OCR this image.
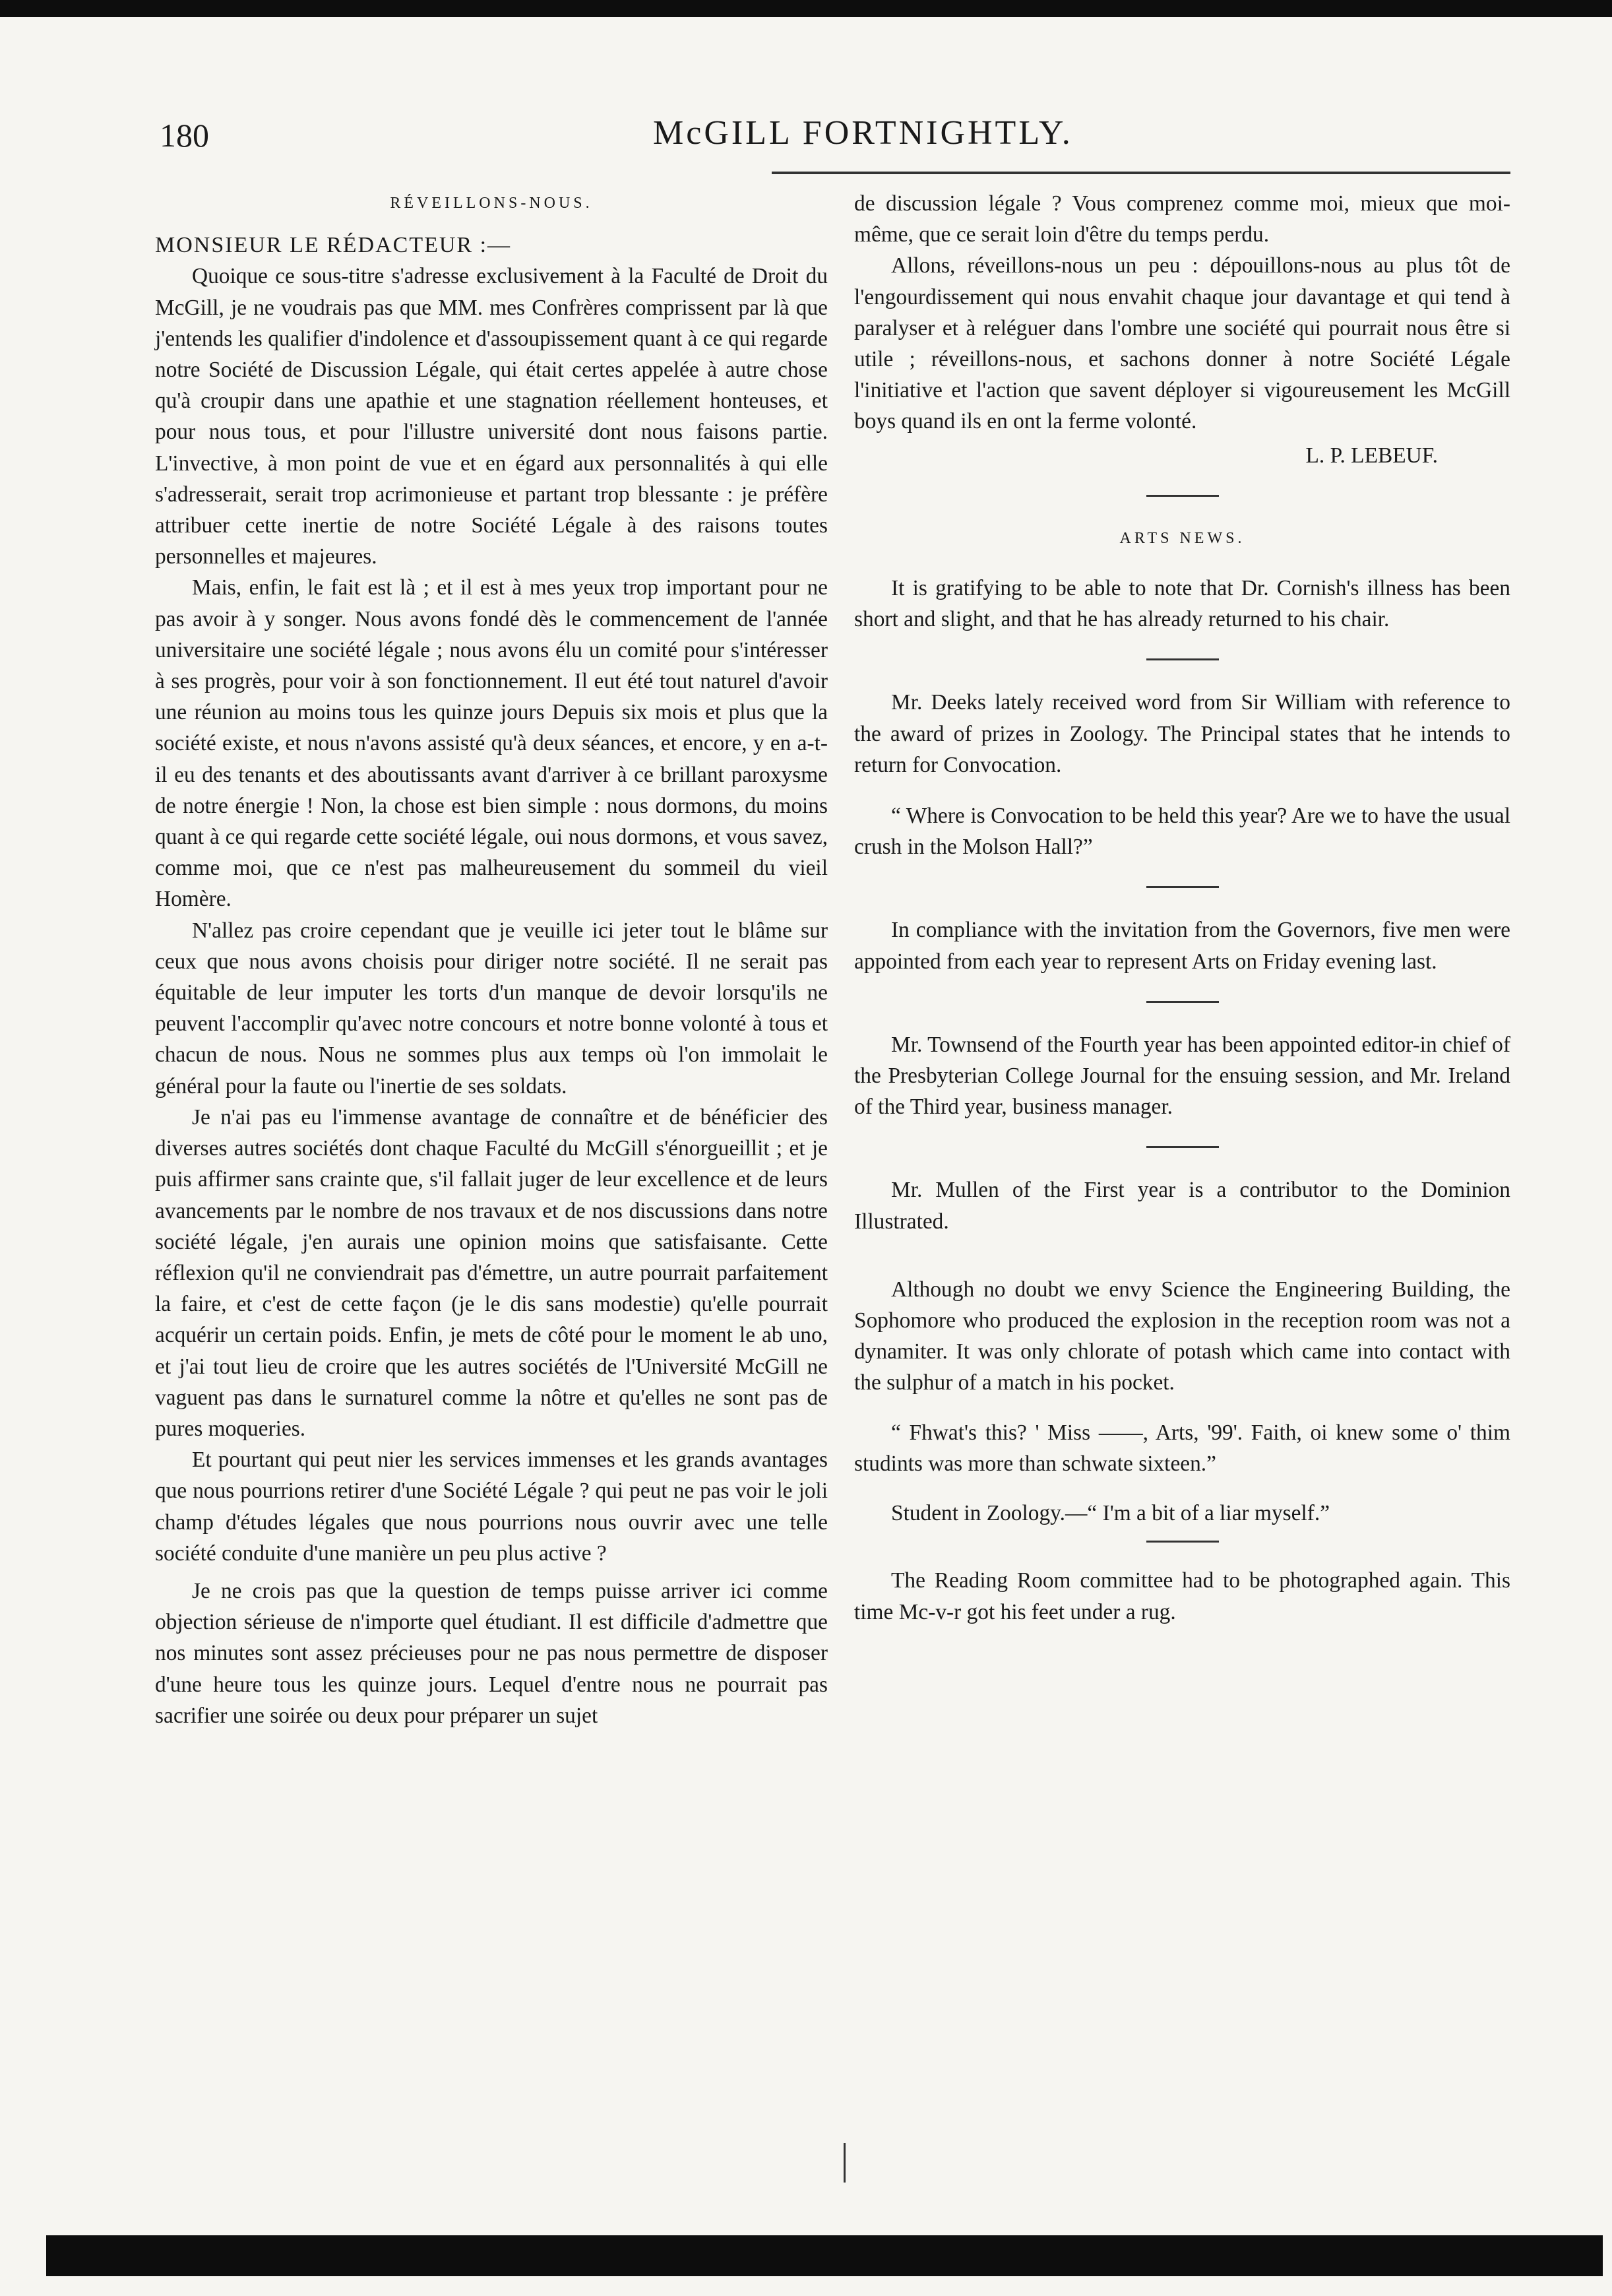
180	McGILL FORTNIGHTLY.

RÉVEILLONS-NOUS.

MONSIEUR LE RÉDACTEUR :—

Quoique ce sous-titre s'adresse exclusivement à la Faculté de Droit du McGill, je ne voudrais pas que MM. mes Confrères comprissent par là que j'entends les qualifier d'indolence et d'assoupissement quant à ce qui regarde notre Société de Discussion Légale, qui était certes appelée à autre chose qu'à croupir dans une apathie et une stagnation réellement honteuses, et pour nous tous, et pour l'illustre université dont nous faisons partie. L'invective, à mon point de vue et en égard aux personnalités à qui elle s'adresserait, serait trop acrimonieuse et partant trop blessante : je préfère attribuer cette inertie de notre Société Légale à des raisons toutes personnelles et majeures.

Mais, enfin, le fait est là ; et il est à mes yeux trop important pour ne pas avoir à y songer. Nous avons fondé dès le commencement de l'année universitaire une société légale ; nous avons élu un comité pour s'intéresser à ses progrès, pour voir à son fonctionnement. Il eut été tout naturel d'avoir une réunion au moins tous les quinze jours Depuis six mois et plus que la société existe, et nous n'avons assisté qu'à deux séances, et encore, y en a-t-il eu des tenants et des aboutissants avant d'arriver à ce brillant paroxysme de notre énergie ! Non, la chose est bien simple : nous dormons, du moins quant à ce qui regarde cette société légale, oui nous dormons, et vous savez, comme moi, que ce n'est pas malheureusement du sommeil du vieil Homère.

N'allez pas croire cependant que je veuille ici jeter tout le blâme sur ceux que nous avons choisis pour diriger notre société. Il ne serait pas équitable de leur imputer les torts d'un manque de devoir lorsqu'ils ne peuvent l'accomplir qu'avec notre concours et notre bonne volonté à tous et chacun de nous. Nous ne sommes plus aux temps où l'on immolait le général pour la faute ou l'inertie de ses soldats.

Je n'ai pas eu l'immense avantage de connaître et de bénéficier des diverses autres sociétés dont chaque Faculté du McGill s'énorgueillit ; et je puis affirmer sans crainte que, s'il fallait juger de leur excellence et de leurs avancements par le nombre de nos travaux et de nos discussions dans notre société légale, j'en aurais une opinion moins que satisfaisante. Cette réflexion qu'il ne conviendrait pas d'émettre, un autre pourrait parfaitement la faire, et c'est de cette façon (je le dis sans modestie) qu'elle pourrait acquérir un certain poids. Enfin, je mets de côté pour le moment le ab uno, et j'ai tout lieu de croire que les autres sociétés de l'Université McGill ne vaguent pas dans le surnaturel comme la nôtre et qu'elles ne sont pas de pures moqueries.

Et pourtant qui peut nier les services immenses et les grands avantages que nous pourrions retirer d'une Société Légale ? qui peut ne pas voir le joli champ d'études légales que nous pourrions nous ouvrir avec une telle société conduite d'une manière un peu plus active ?

Je ne crois pas que la question de temps puisse arriver ici comme objection sérieuse de n'importe quel étudiant. Il est difficile d'admettre que nos minutes sont assez précieuses pour ne pas nous permettre de disposer d'une heure tous les quinze jours. Lequel d'entre nous ne pourrait pas sacrifier une soirée ou deux pour préparer un sujet

de discussion légale ? Vous comprenez comme moi, mieux que moi-même, que ce serait loin d'être du temps perdu.

Allons, réveillons-nous un peu : dépouillons-nous au plus tôt de l'engourdissement qui nous envahit chaque jour davantage et qui tend à paralyser et à reléguer dans l'ombre une société qui pourrait nous être si utile ; réveillons-nous, et sachons donner à notre Société Légale l'initiative et l'action que savent déployer si vigoureusement les McGill boys quand ils en ont la ferme volonté.

L. P. LEBEUF.

ARTS NEWS.

It is gratifying to be able to note that Dr. Cornish's illness has been short and slight, and that he has already returned to his chair.

Mr. Deeks lately received word from Sir William with reference to the award of prizes in Zoology. The Principal states that he intends to return for Convocation.

“ Where is Convocation to be held this year? Are we to have the usual crush in the Molson Hall?”

In compliance with the invitation from the Governors, five men were appointed from each year to represent Arts on Friday evening last.

Mr. Townsend of the Fourth year has been appointed editor-in chief of the Presbyterian College Journal for the ensuing session, and Mr. Ireland of the Third year, business manager.

Mr. Mullen of the First year is a contributor to the Dominion Illustrated.

Although no doubt we envy Science the Engineering Building, the Sophomore who produced the explosion in the reception room was not a dynamiter. It was only chlorate of potash which came into contact with the sulphur of a match in his pocket.

“ Fhwat's this? ' Miss ——, Arts, '99'. Faith, oi knew some o' thim studints was more than schwate sixteen.”

Student in Zoology.—“ I'm a bit of a liar myself.”

The Reading Room committee had to be photographed again. This time Mc-v-r got his feet under a rug.
